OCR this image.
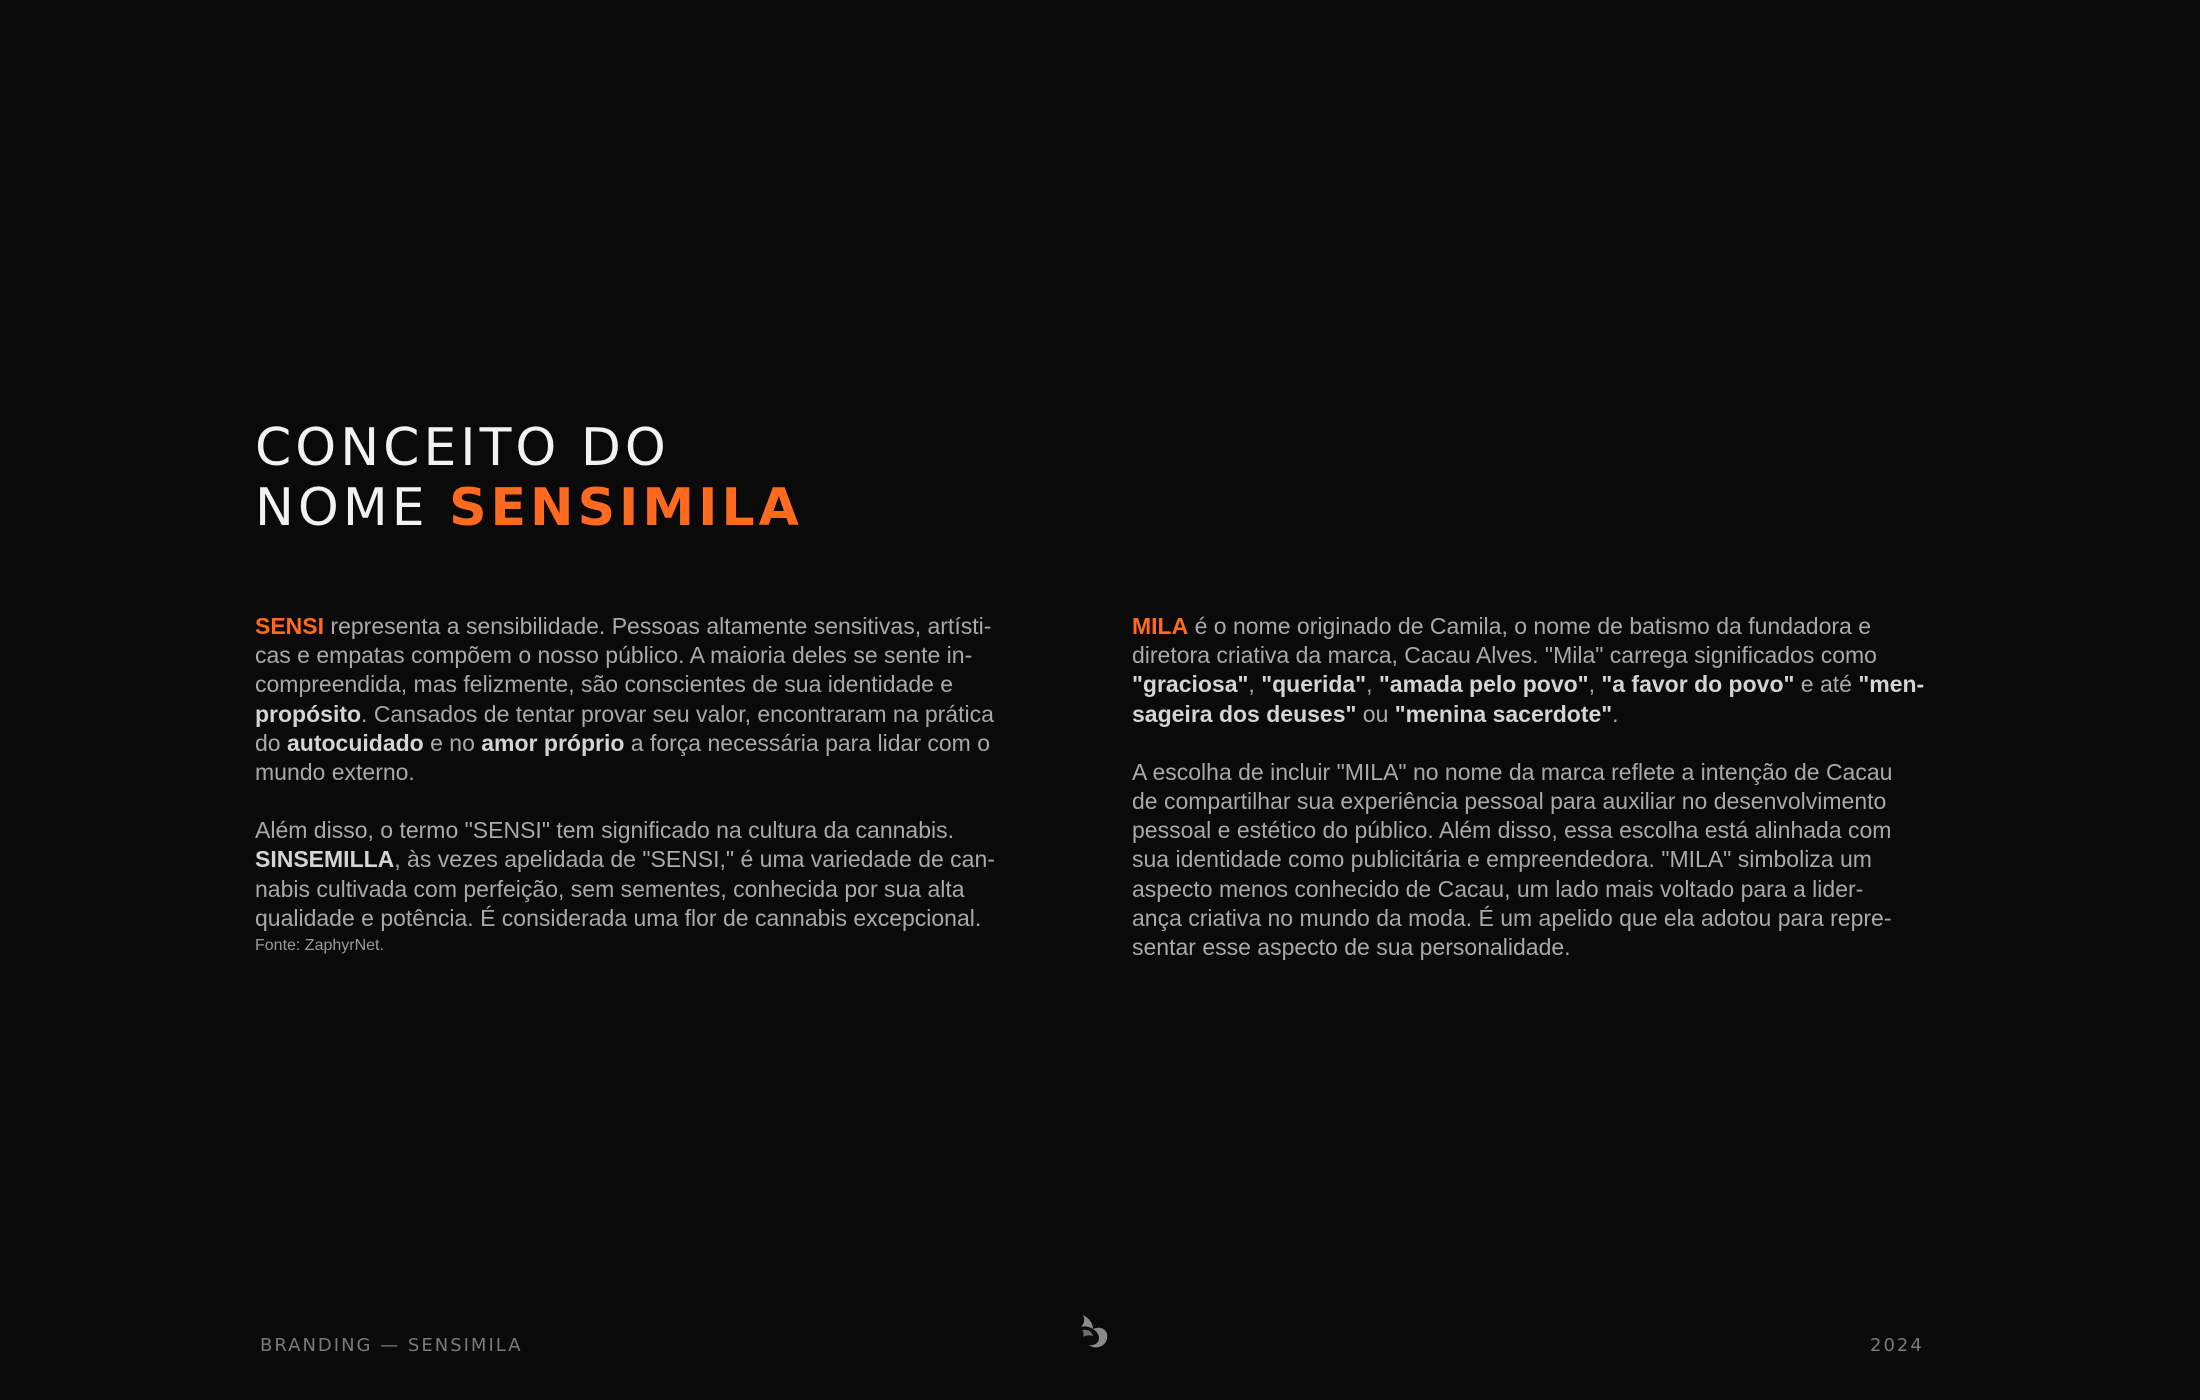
CONCEITO DO
NOME SENSIMILA

SENSI representa a sensibilidade. Pessoas altamente sensitivas, artísti-
cas e empatas compõem o nosso público. A maioria deles se sente in-
compreendida, mas felizmente, são conscientes de sua identidade e
propósito. Cansados de tentar provar seu valor, encontraram na prática
do autocuidado e no amor próprio a força necessária para lidar com o
mundo externo.

Além disso, o termo "SENSI" tem significado na cultura da cannabis.
SINSEMILLA, às vezes apelidada de "SENSI," é uma variedade de can-
nabis cultivada com perfeição, sem sementes, conhecida por sua alta
qualidade e potência. É considerada uma flor de cannabis excepcional.
Fonte: ZaphyrNet.

MILA é o nome originado de Camila, o nome de batismo da fundadora e
diretora criativa da marca, Cacau Alves. "Mila" carrega significados como
"graciosa", "querida", "amada pelo povo", "a favor do povo" e até "men-
sageira dos deuses" ou "menina sacerdote".

A escolha de incluir "MILA" no nome da marca reflete a intenção de Cacau
de compartilhar sua experiência pessoal para auxiliar no desenvolvimento
pessoal e estético do público. Além disso, essa escolha está alinhada com
sua identidade como publicitária e empreendedora. "MILA" simboliza um
aspecto menos conhecido de Cacau, um lado mais voltado para a lider-
ança criativa no mundo da moda. É um apelido que ela adotou para repre-
sentar esse aspecto de sua personalidade.

BRANDING — SENSIMILA	2024
